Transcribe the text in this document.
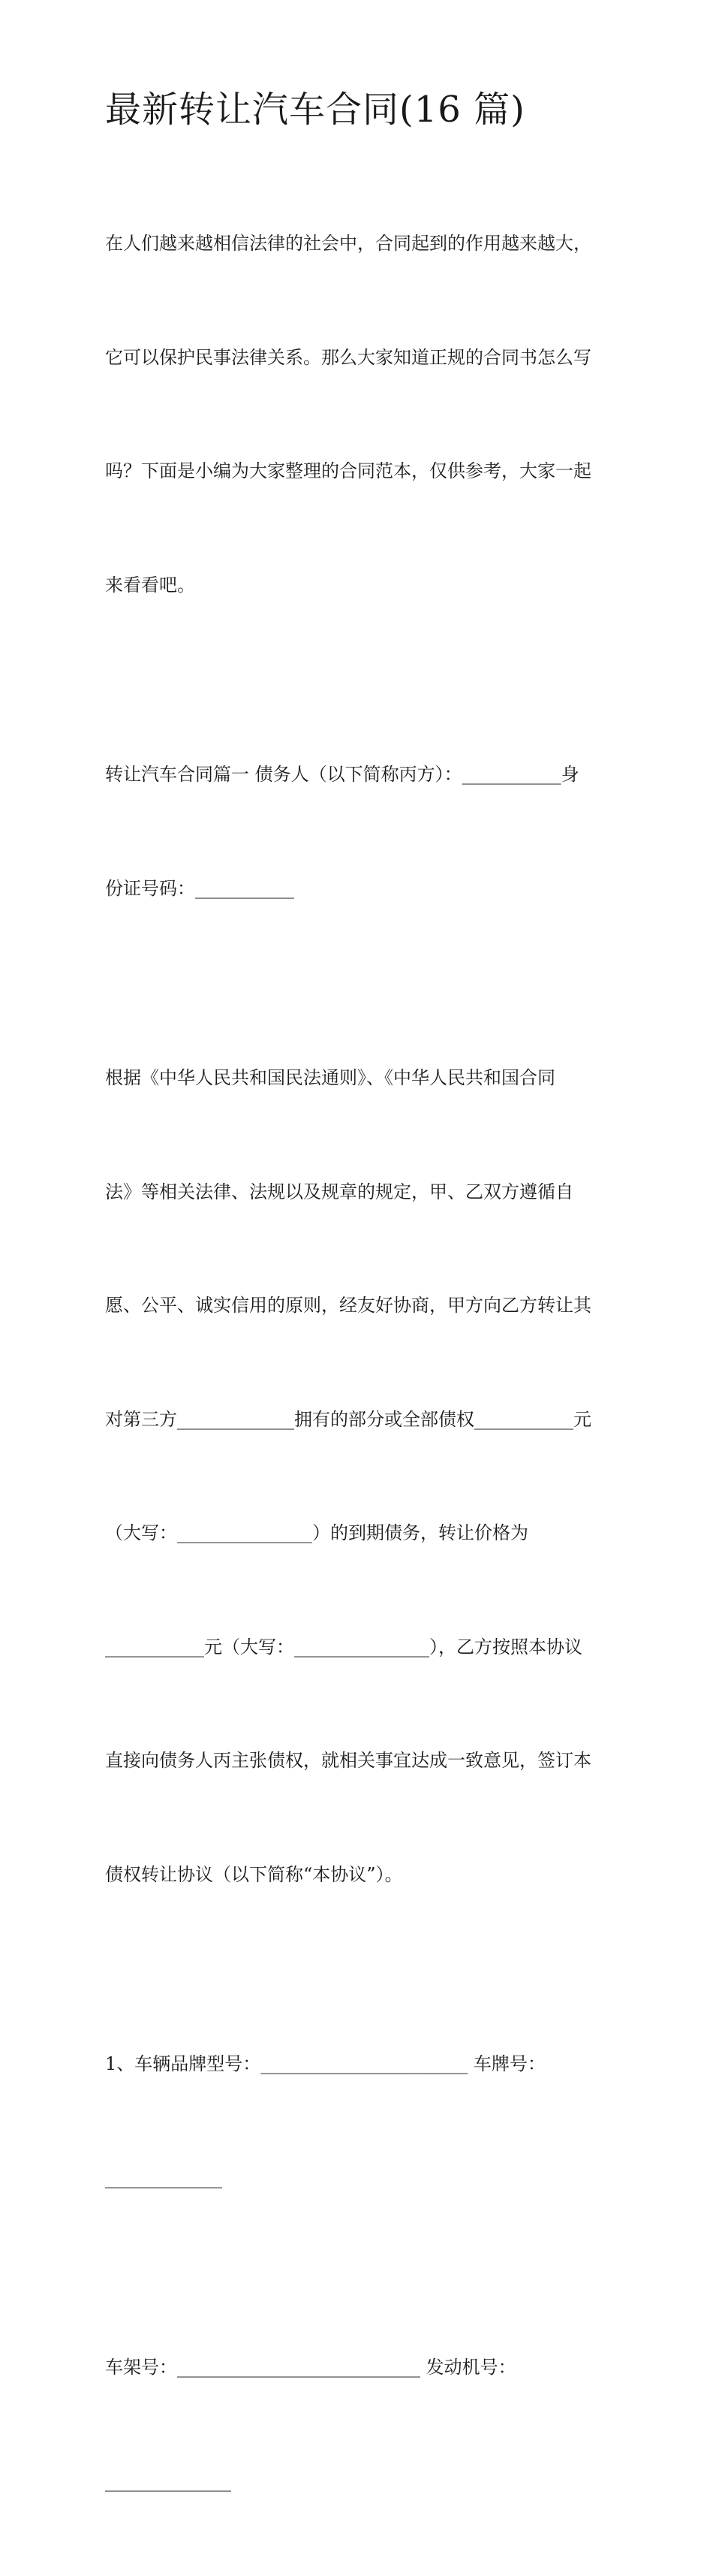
最新转让汽车合同(16 篇)

在人们越来越相信法律的社会中，合同起到的作用越来越大，

它可以保护民事法律关系。那么大家知道正规的合同书怎么写

吗？下面是小编为大家整理的合同范本，仅供参考，大家一起

来看看吧。

转让汽车合同篇一 债务人（以下简称丙方）：___________身

份证号码：___________

根据《中华人民共和国民法通则》、《中华人民共和国合同

法》等相关法律、法规以及规章的规定，甲、乙双方遵循自

愿、公平、诚实信用的原则，经友好协商，甲方向乙方转让其

对第三方_____________拥有的部分或全部债权___________元

（大写：_______________）的到期债务，转让价格为

___________元（大写：_______________），乙方按照本协议

直接向债务人丙主张债权，就相关事宜达成一致意见，签订本

债权转让协议（以下简称“本协议”）。

1、车辆品牌型号：_______________________ 车牌号：

_____________

车架号：___________________________ 发动机号：

______________
